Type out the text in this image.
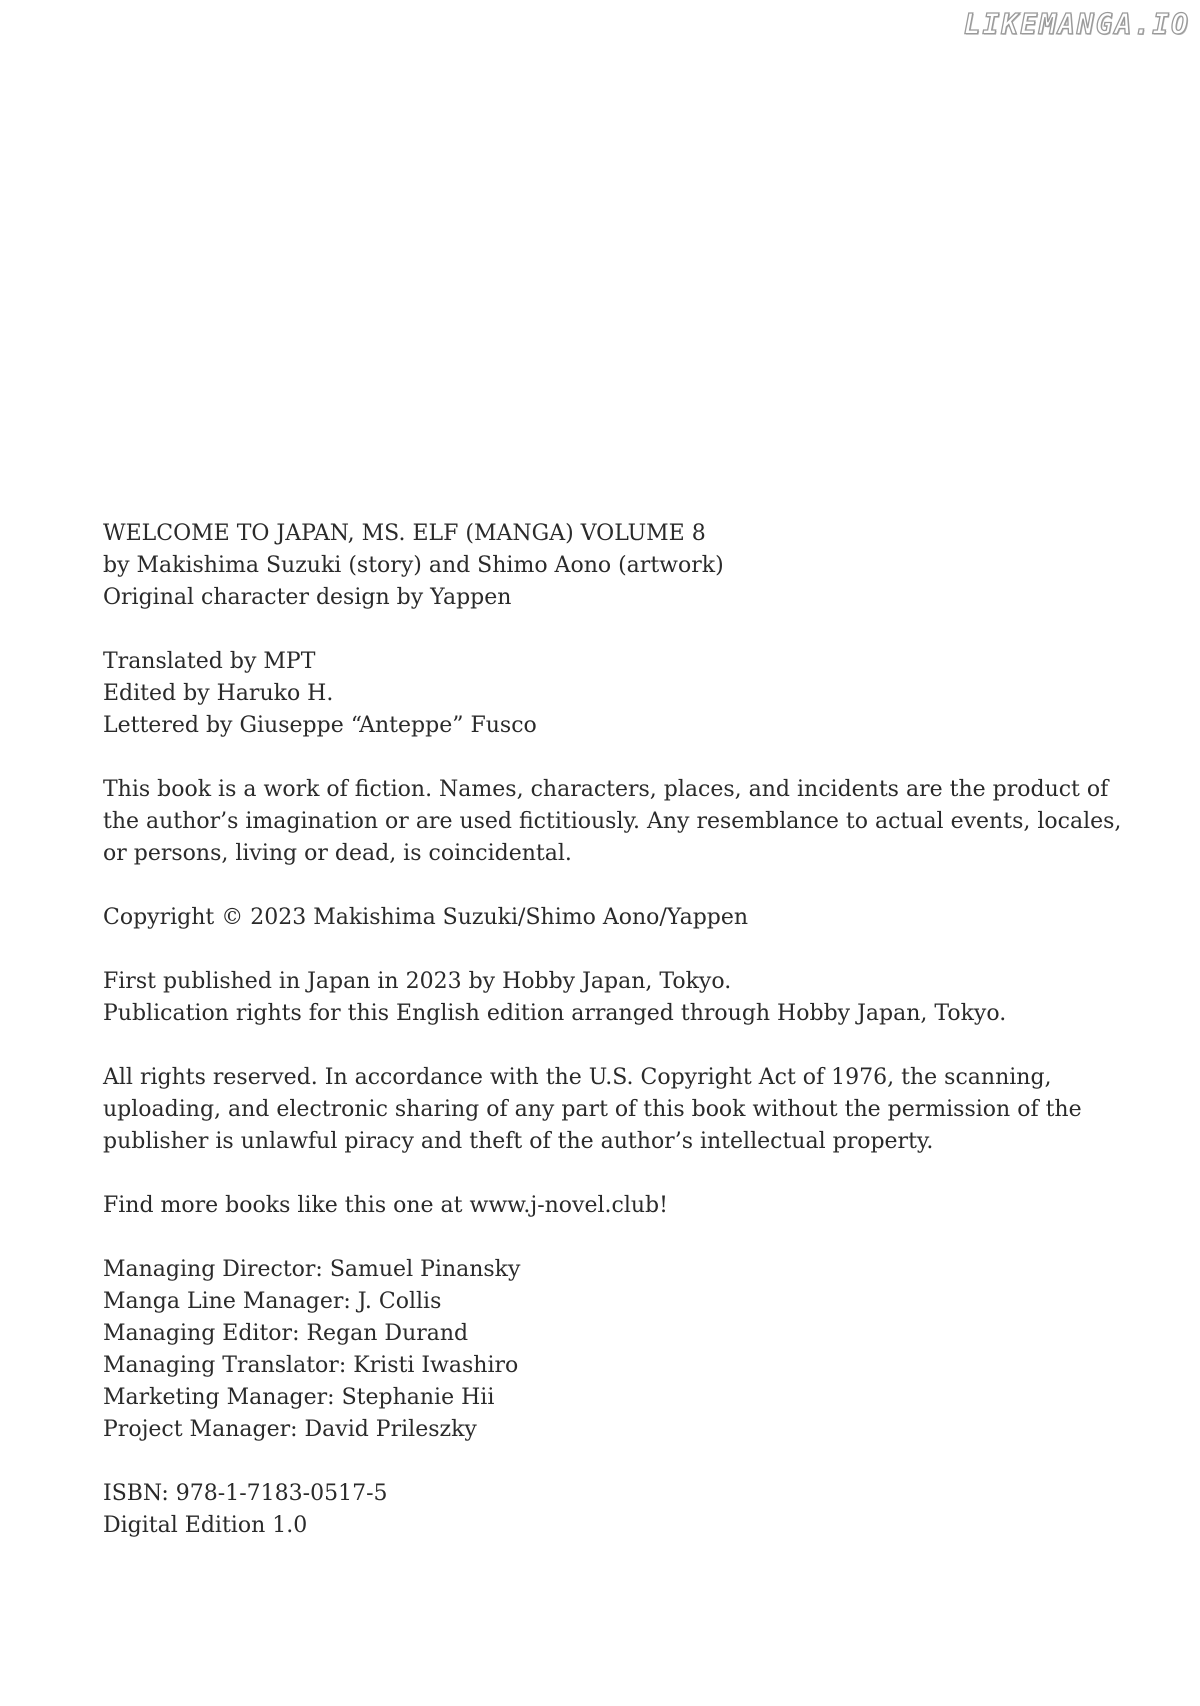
LIKEMANGA.IO

WELCOME TO JAPAN, MS. ELF (MANGA) VOLUME 8

by Makishima Suzuki (story) and Shimo Aono (artwork)

Original character design by Yappen

Translated by MPT

Edited by Haruko H.

Lettered by Giuseppe “Anteppe” Fusco

This book is a work of fiction. Names, characters, places, and incidents are the product of

the author’s imagination or are used fictitiously. Any resemblance to actual events, locales,

or persons, living or dead, is coincidental.

Copyright © 2023 Makishima Suzuki/Shimo Aono/Yappen

First published in Japan in 2023 by Hobby Japan, Tokyo.

Publication rights for this English edition arranged through Hobby Japan, Tokyo.

All rights reserved. In accordance with the U.S. Copyright Act of 1976, the scanning,

uploading, and electronic sharing of any part of this book without the permission of the

publisher is unlawful piracy and theft of the author’s intellectual property.

Find more books like this one at www.j-novel.club!

Managing Director: Samuel Pinansky

Manga Line Manager: J. Collis

Managing Editor: Regan Durand

Managing Translator: Kristi Iwashiro

Marketing Manager: Stephanie Hii

Project Manager: David Prileszky

ISBN: 978-1-7183-0517-5

Digital Edition 1.0
